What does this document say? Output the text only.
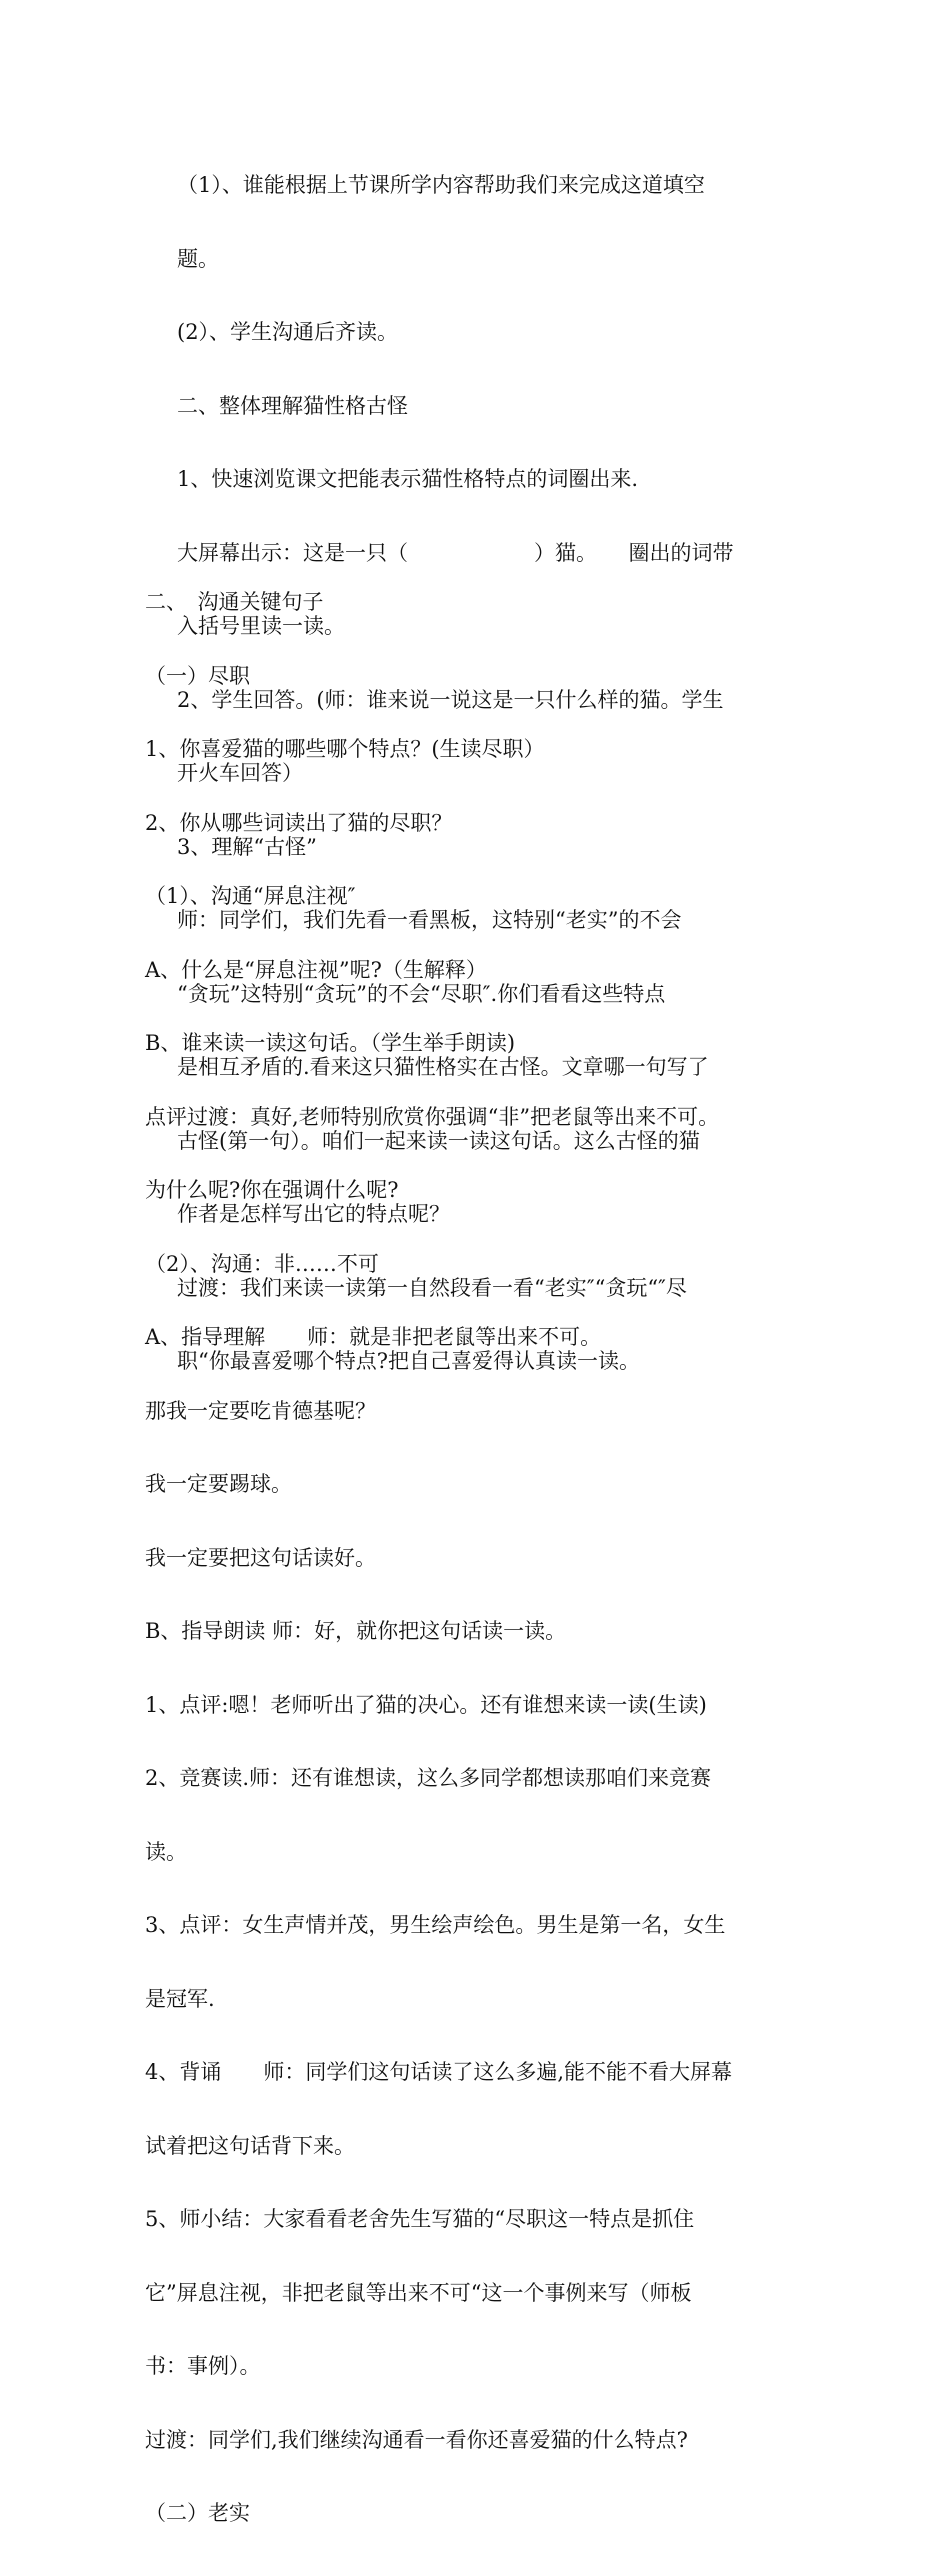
（1）、谁能根据上节课所学内容帮助我们来完成这道填空

题。

(2）、学生沟通后齐读。

二、整体理解猫性格古怪

1、快速浏览课文把能表示猫性格特点的词圈出来.

大屏幕出示：这是一只（　　　　　　）猫。　　圈出的词带

入括号里读一读。

2、学生回答。(师：谁来说一说这是一只什么样的猫。学生

开火车回答）

3、理解“古怪”

师：同学们，我们先看一看黑板，这特别“老实”的不会

“贪玩”这特别“贪玩”的不会“尽职″.你们看看这些特点

是相互矛盾的.看来这只猫性格实在古怪。文章哪一句写了

古怪(第一句）。咱们一起来读一读这句话。这么古怪的猫

作者是怎样写出它的特点呢？

过渡：我们来读一读第一自然段看一看“老实″“贪玩“″尽

职“你最喜爱哪个特点?把自己喜爱得认真读一读。

二、　沟通关键句子

（一）尽职

1、你喜爱猫的哪些哪个特点？(生读尽职）

2、你从哪些词读出了猫的尽职？

（1）、沟通“屏息注视″

A、什么是“屏息注视”呢?（生解释）

B、谁来读一读这句话。（学生举手朗读)

点评过渡：真好,老师特别欣赏你强调“非”把老鼠等出来不可。

为什么呢?你在强调什么呢?

（2）、沟通：非……不可

A、指导理解　　师：就是非把老鼠等出来不可。

那我一定要吃肯德基呢？

我一定要踢球。

我一定要把这句话读好。

B、指导朗读 师：好，就你把这句话读一读。

1、点评:嗯！老师听出了猫的决心。还有谁想来读一读(生读)

2、竞赛读.师：还有谁想读，这么多同学都想读那咱们来竞赛

读。

3、点评：女生声情并茂，男生绘声绘色。男生是第一名，女生

是冠军.

4、背诵　　师：同学们这句话读了这么多遍,能不能不看大屏幕

试着把这句话背下来。

5、师小结：大家看看老舍先生写猫的“尽职这一特点是抓住

它”屏息注视，非把老鼠等出来不可“这一个事例来写（师板

书：事例）。

过渡：同学们,我们继续沟通看一看你还喜爱猫的什么特点?

（二）老实
